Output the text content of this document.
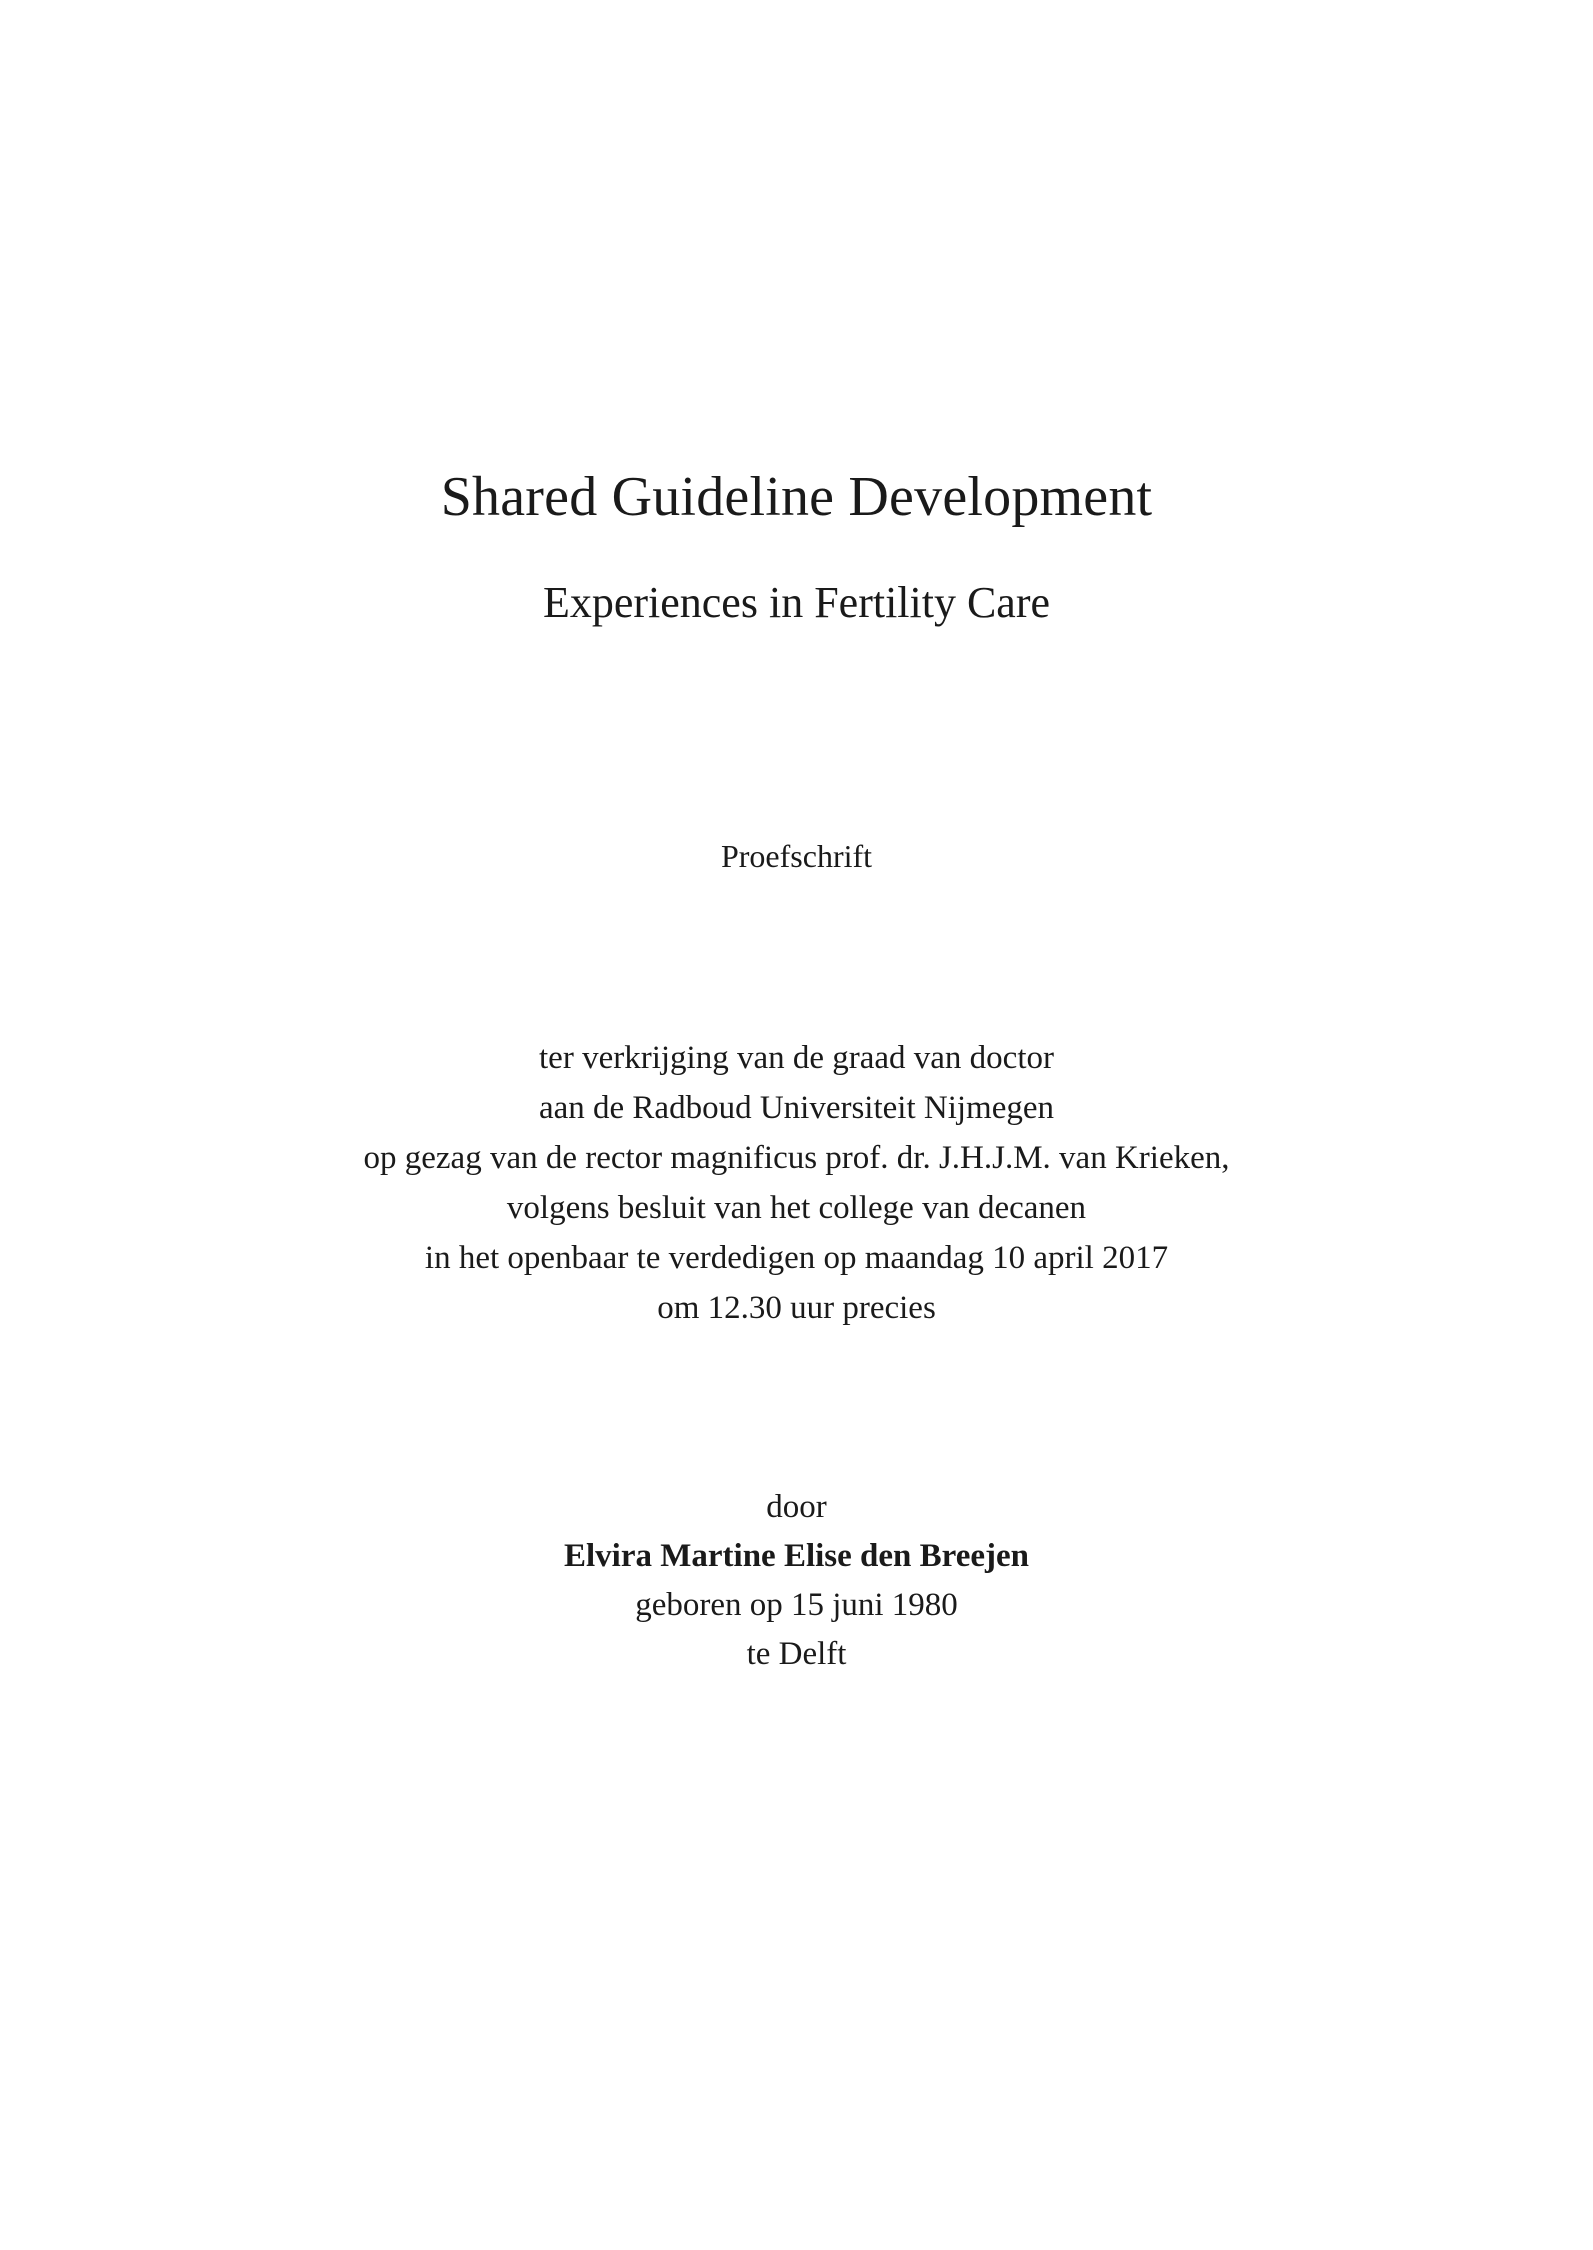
Shared Guideline Development
Experiences in Fertility Care

Proefschrift

ter verkrijging van de graad van doctor
aan de Radboud Universiteit Nijmegen
op gezag van de rector magnificus prof. dr. J.H.J.M. van Krieken,
volgens besluit van het college van decanen
in het openbaar te verdedigen op maandag 10 april 2017
om 12.30 uur precies
door
Elvira Martine Elise den Breejen
geboren op 15 juni 1980
te Delft
